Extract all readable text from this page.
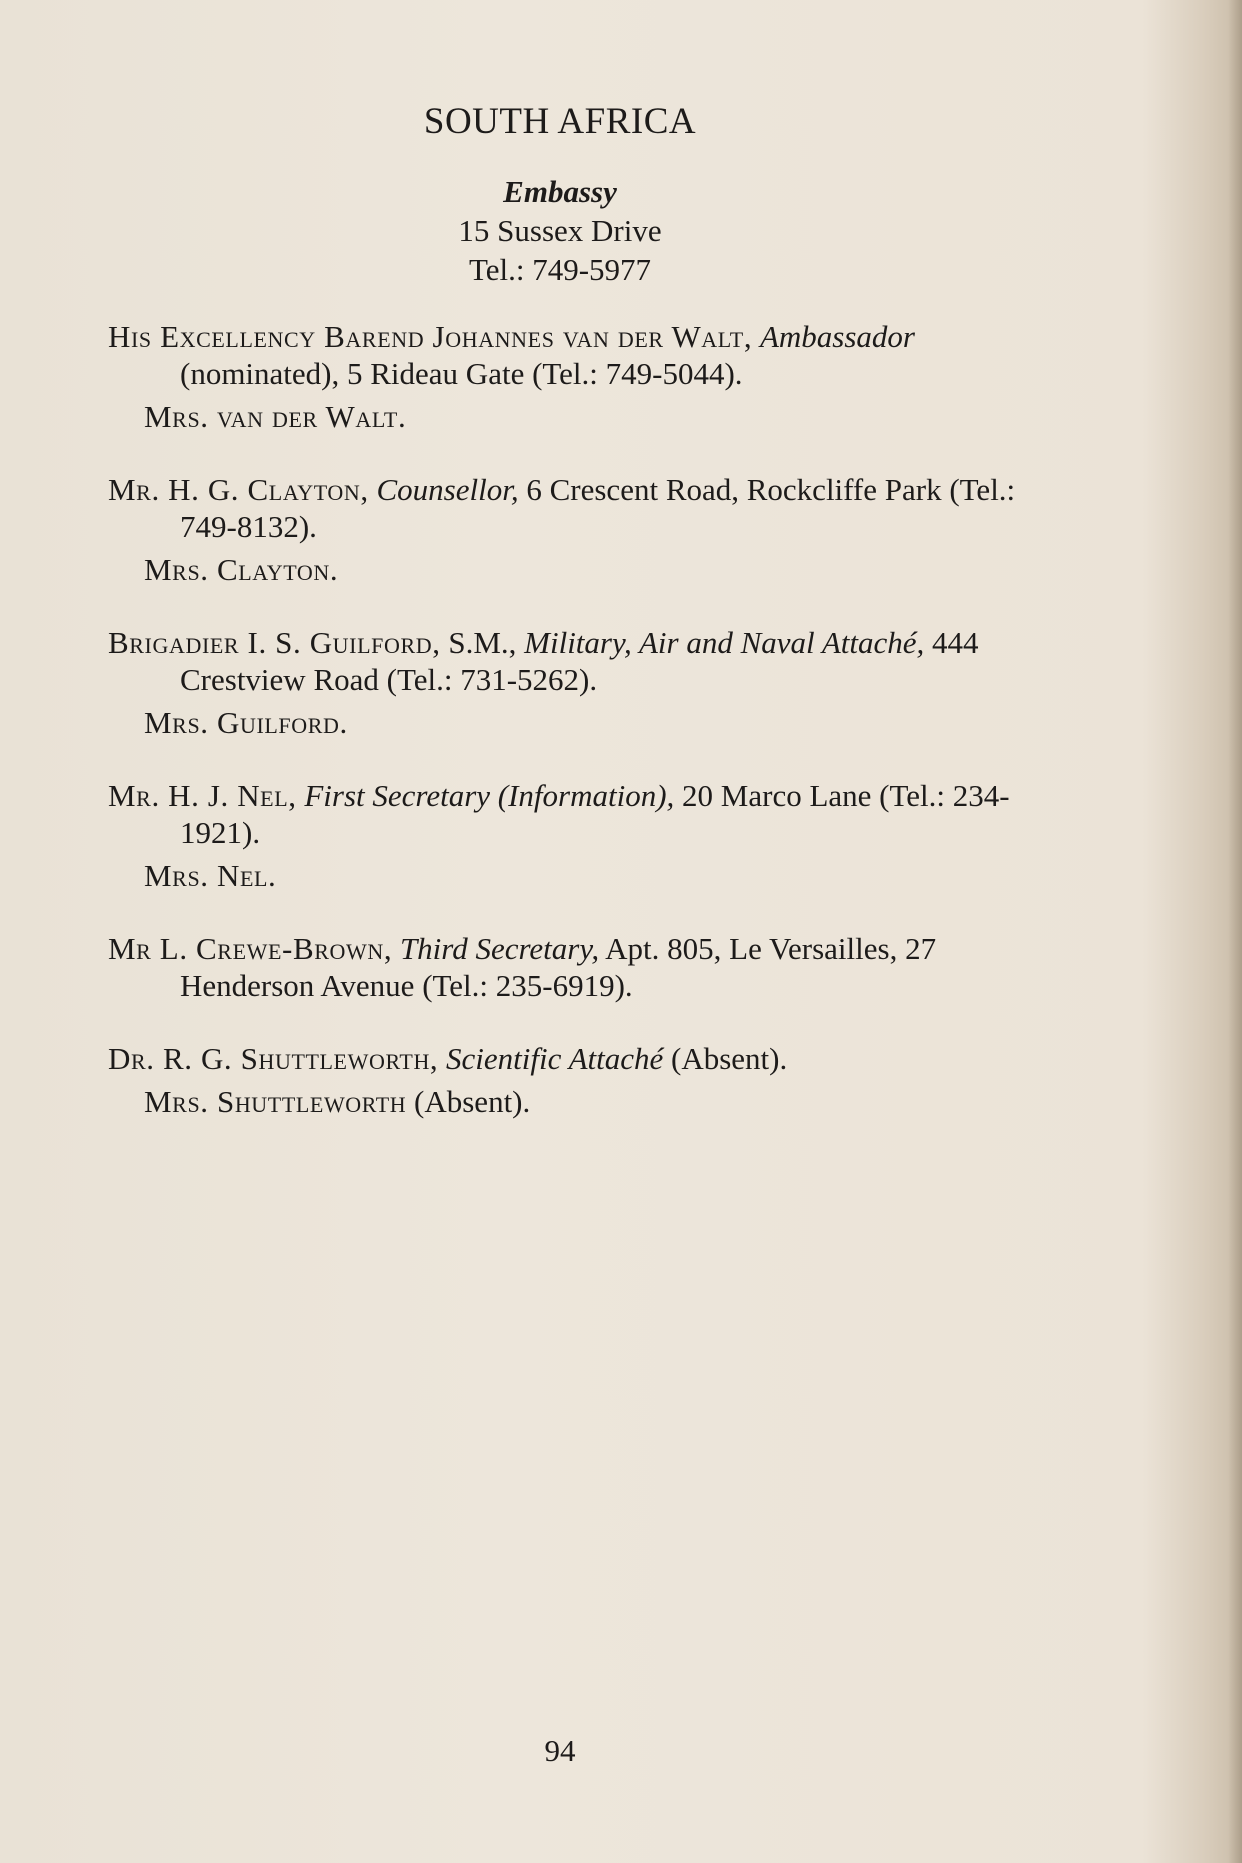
SOUTH AFRICA
Embassy
15 Sussex Drive
Tel.: 749-5977
His Excellency Barend Johannes van der Walt, Ambassador (nominated), 5 Rideau Gate (Tel.: 749-5044).
Mrs. van der Walt.
Mr. H. G. Clayton, Counsellor, 6 Crescent Road, Rockcliffe Park (Tel.: 749-8132).
Mrs. Clayton.
Brigadier I. S. Guilford, S.M., Military, Air and Naval Attaché, 444 Crestview Road (Tel.: 731-5262).
Mrs. Guilford.
Mr. H. J. Nel, First Secretary (Information), 20 Marco Lane (Tel.: 234-1921).
Mrs. Nel.
Mr L. Crewe-Brown, Third Secretary, Apt. 805, Le Versailles, 27 Henderson Avenue (Tel.: 235-6919).
Dr. R. G. Shuttleworth, Scientific Attaché (Absent).
Mrs. Shuttleworth (Absent).
94
